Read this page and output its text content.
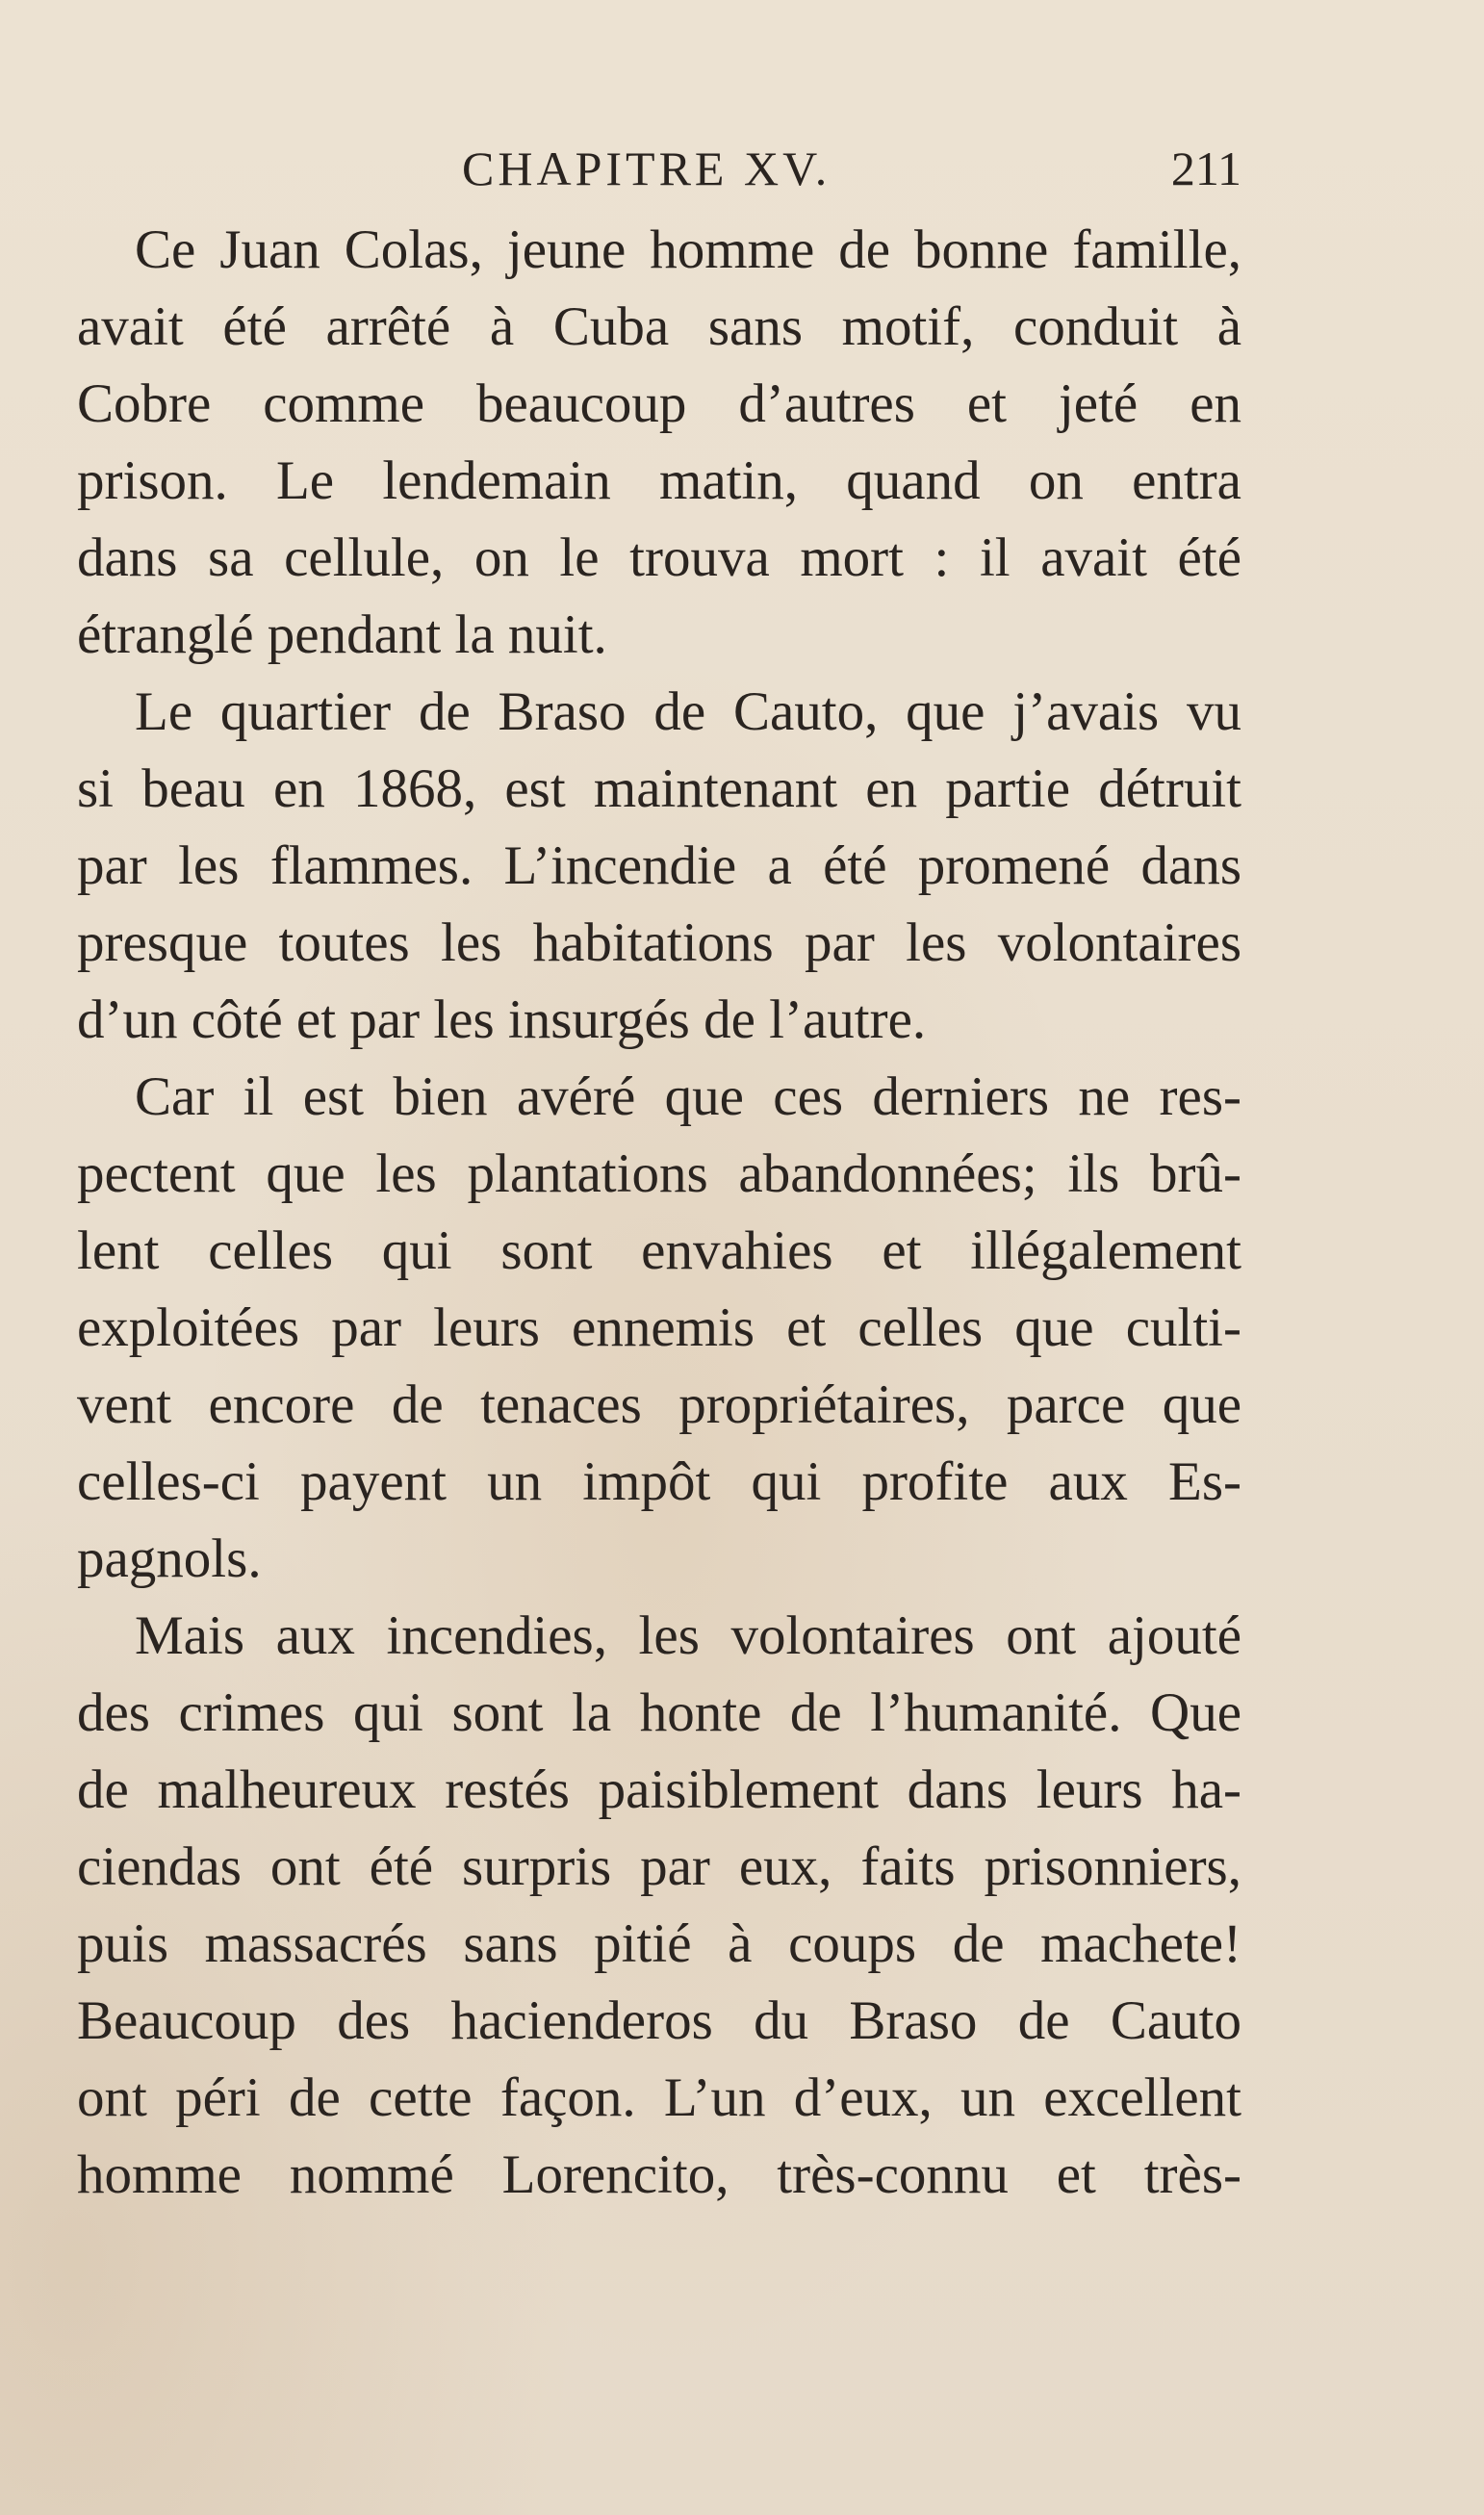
CHAPITRE XV.	211
Ce Juan Colas, jeune homme de bonne famille,
avait été arrêté à Cuba sans motif, conduit à
Cobre comme beaucoup d’autres et jeté en
prison. Le lendemain matin, quand on entra
dans sa cellule, on le trouva mort : il avait été
étranglé pendant la nuit.
Le quartier de Braso de Cauto, que j’avais vu
si beau en 1868, est maintenant en partie détruit
par les flammes. L’incendie a été promené dans
presque toutes les habitations par les volontaires
d’un côté et par les insurgés de l’autre.
Car il est bien avéré que ces derniers ne res-
pectent que les plantations abandonnées; ils brû-
lent celles qui sont envahies et illégalement
exploitées par leurs ennemis et celles que culti-
vent encore de tenaces propriétaires, parce que
celles-ci payent un impôt qui profite aux Es-
pagnols.
Mais aux incendies, les volontaires ont ajouté
des crimes qui sont la honte de l’humanité. Que
de malheureux restés paisiblement dans leurs ha-
ciendas ont été surpris par eux, faits prisonniers,
puis massacrés sans pitié à coups de machete!
Beaucoup des hacienderos du Braso de Cauto
ont péri de cette façon. L’un d’eux, un excellent
homme nommé Lorencito, très-connu et très-
